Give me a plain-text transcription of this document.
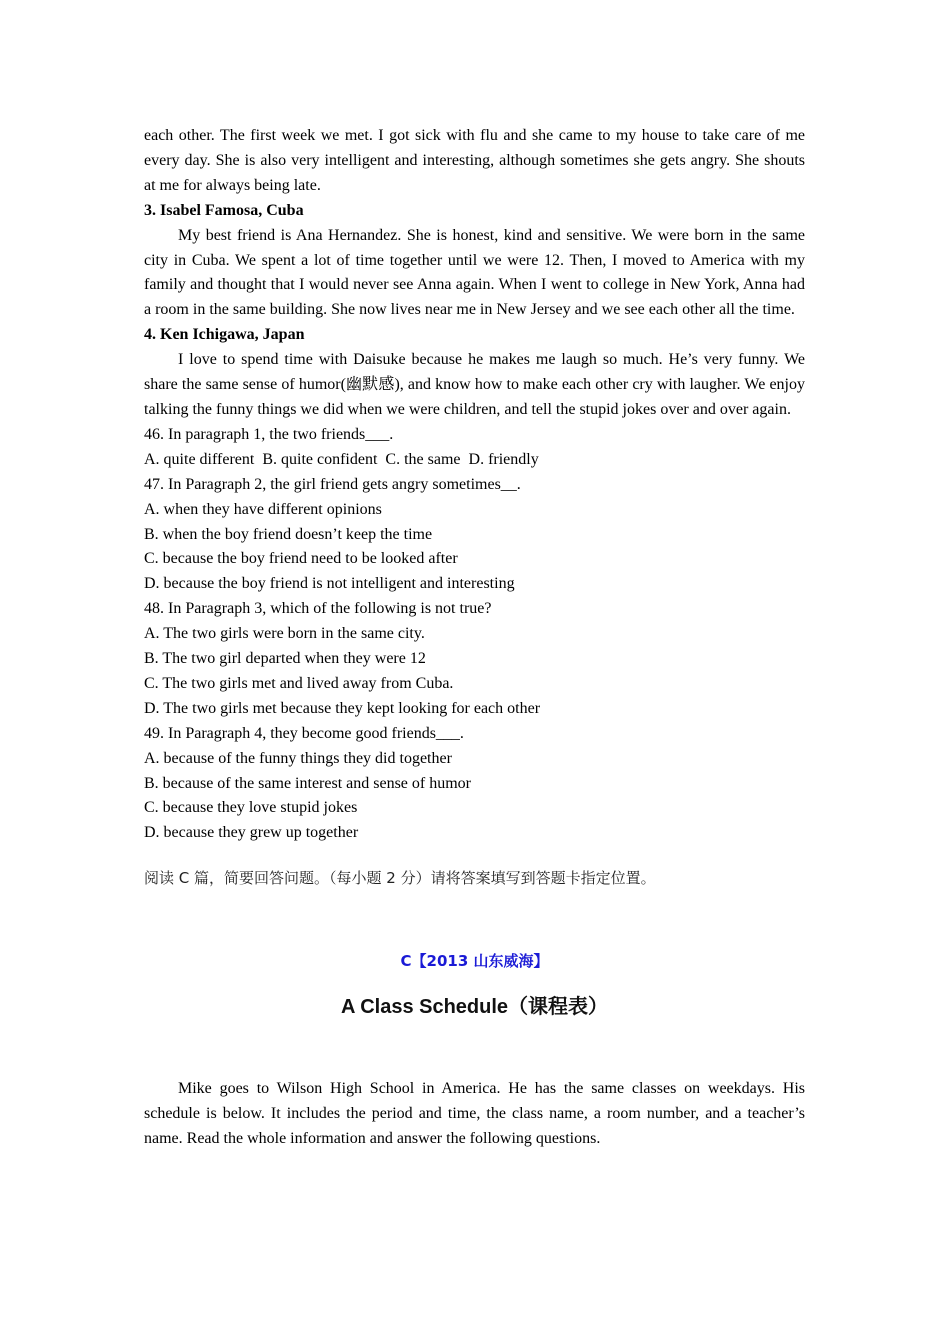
each other. The first week we met. I got sick with flu and she came to my house to take care of me every day. She is also very intelligent and interesting, although sometimes she gets angry. She shouts at me for always being late.

3. Isabel Famosa, Cuba

My best friend is Ana Hernandez. She is honest, kind and sensitive. We were born in the same city in Cuba. We spent a lot of time together until we were 12. Then, I moved to America with my family and thought that I would never see Anna again. When I went to college in New York, Anna had a room in the same building. She now lives near me in New Jersey and we see each other all the time.

4. Ken Ichigawa, Japan

I love to spend time with Daisuke because he makes me laugh so much. He’s very funny. We share the same sense of humor(幽默感), and know how to make each other cry with laugher. We enjoy talking the funny things we did when we were children, and tell the stupid jokes over and over again.

46. In paragraph 1, the two friends___.

A. quite different  B. quite confident  C. the same  D. friendly

47. In Paragraph 2, the girl friend gets angry sometimes__.

A. when they have different opinions

B. when the boy friend doesn’t keep the time

C. because the boy friend need to be looked after

D. because the boy friend is not intelligent and interesting

48. In Paragraph 3, which of the following is not true?

A. The two girls were born in the same city.

B. The two girl departed when they were 12

C. The two girls met and lived away from Cuba.

D. The two girls met because they kept looking for each other

49. In Paragraph 4, they become good friends___.

A. because of the funny things they did together

B. because of the same interest and sense of humor

C. because they love stupid jokes

D. because they grew up together

阅读 C 篇，简要回答问题。（每小题 2 分）请将答案填写到答题卡指定位置。

C【2013 山东威海】
A Class Schedule（课程表）

Mike goes to Wilson High School in America. He has the same classes on weekdays. His schedule is below. It includes the period and time, the class name, a room number, and a teacher’s name. Read the whole information and answer the following questions.
